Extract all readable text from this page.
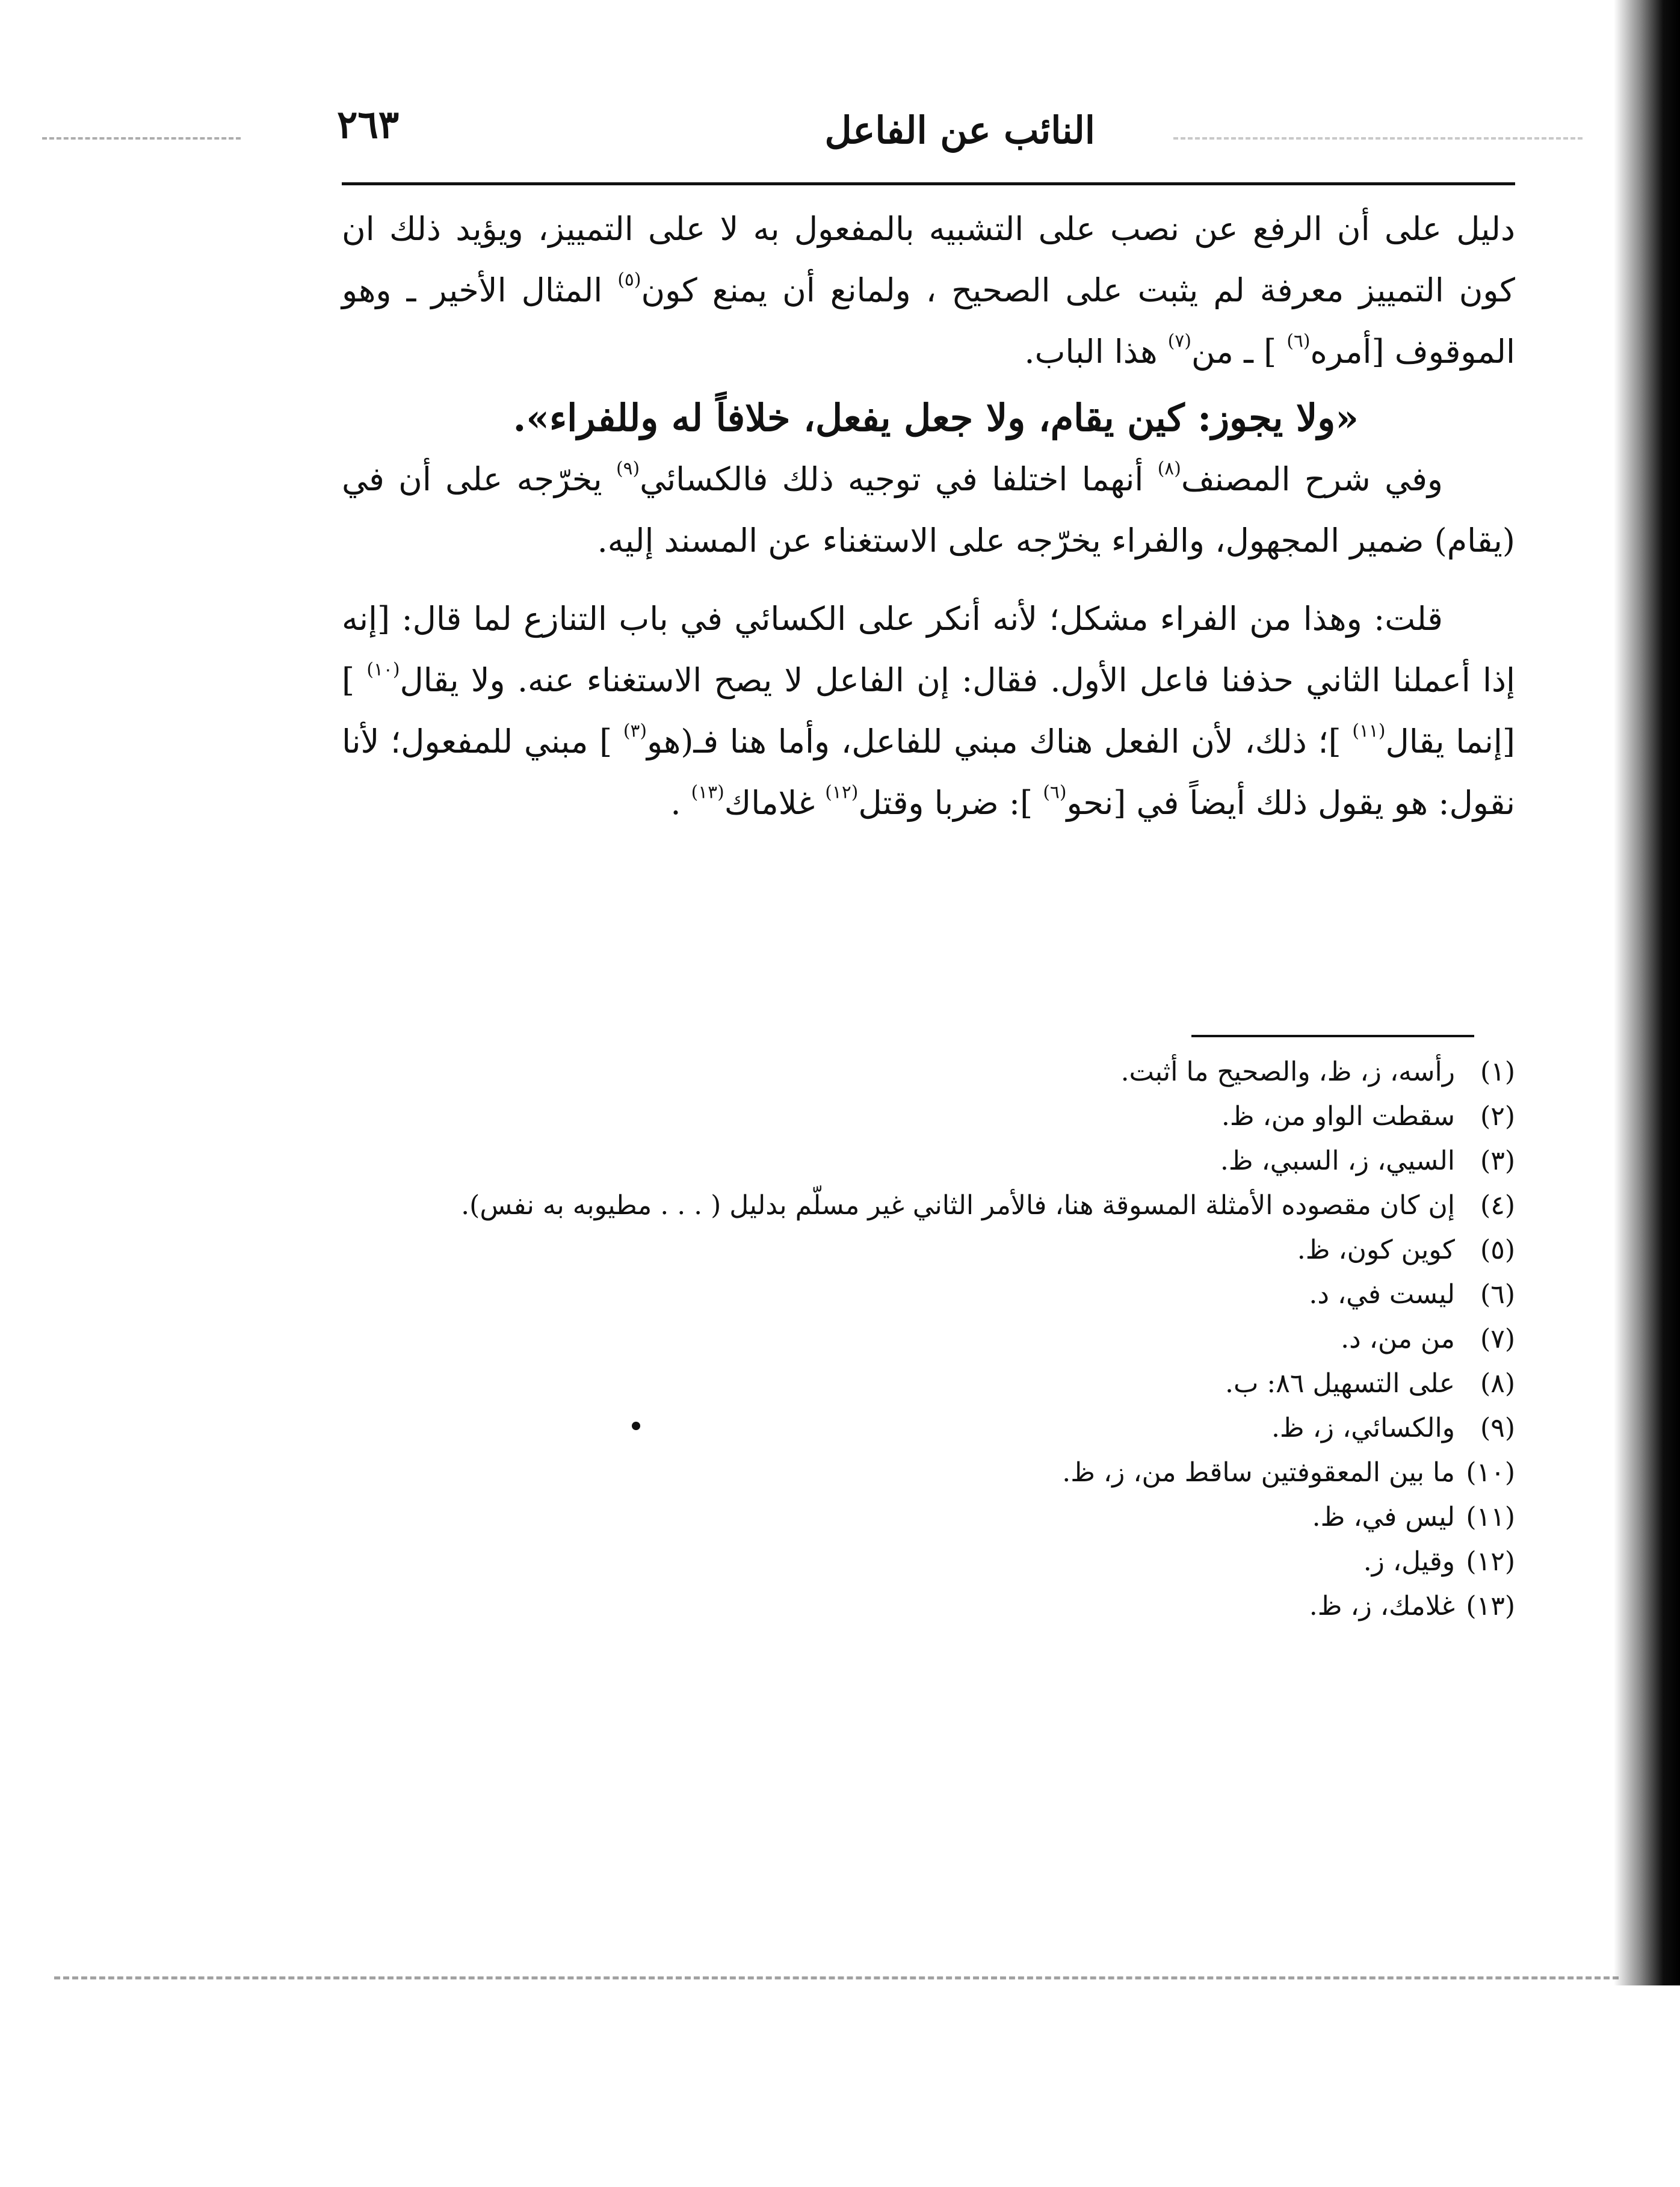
النائب عن الفاعل
٢٦٣

دليل على أن الرفع عن نصب على التشبيه بالمفعول به لا على التمييز، ويؤيد ذلك ان كون التمييز معرفة لم يثبت على الصحيح ، ولمانع أن يمنع كون$^{(٥)}$ المثال الأخير ـ وهو الموقوف [أمره$^{(٦)}$ ] ـ من$^{(٧)}$ هذا الباب.

«ولا يجوز: كين يقام، ولا جعل يفعل، خلافاً له وللفراء».

وفي شرح المصنف$^{(٨)}$ أنهما اختلفا في توجيه ذلك فالكسائي$^{(٩)}$ يخرّجه على أن في (يقام) ضمير المجهول، والفراء يخرّجه على الاستغناء عن المسند إليه.

قلت: وهذا من الفراء مشكل؛ لأنه أنكر على الكسائي في باب التنازع لما قال: [إنه إذا أعملنا الثاني حذفنا فاعل الأول. فقال: إن الفاعل لا يصح الاستغناء عنه. ولا يقال$^{(١٠)}$ ] [إنما يقال$^{(١١)}$ ]؛ ذلك، لأن الفعل هناك مبني للفاعل، وأما هنا فـ(هو$^{(٣)}$ ] مبني للمفعول؛ لأنا نقول: هو يقول ذلك أيضاً في [نحو$^{(٦)}$ ]: ضربا وقتل$^{(١٢)}$ غلاماك$^{(١٣)}$ .

(١)رأسه، ز، ظ، والصحيح ما أثبت.
(٢)سقطت الواو من، ظ.
(٣)السيي، ز، السبي، ظ.
(٤)إن كان مقصوده الأمثلة المسوقة هنا، فالأمر الثاني غير مسلّم بدليل ( . . . مطيوبه به نفس).
(٥)كوين كون، ظ.
(٦)ليست في، د.
(٧)من من، د.
(٨)على التسهيل ٨٦: ب.
(٩)والكسائي، ز، ظ.
(١٠)ما بين المعقوفتين ساقط من، ز، ظ.
(١١)ليس في، ظ.
(١٢)وقيل، ز.
(١٣)غلامك، ز، ظ.
